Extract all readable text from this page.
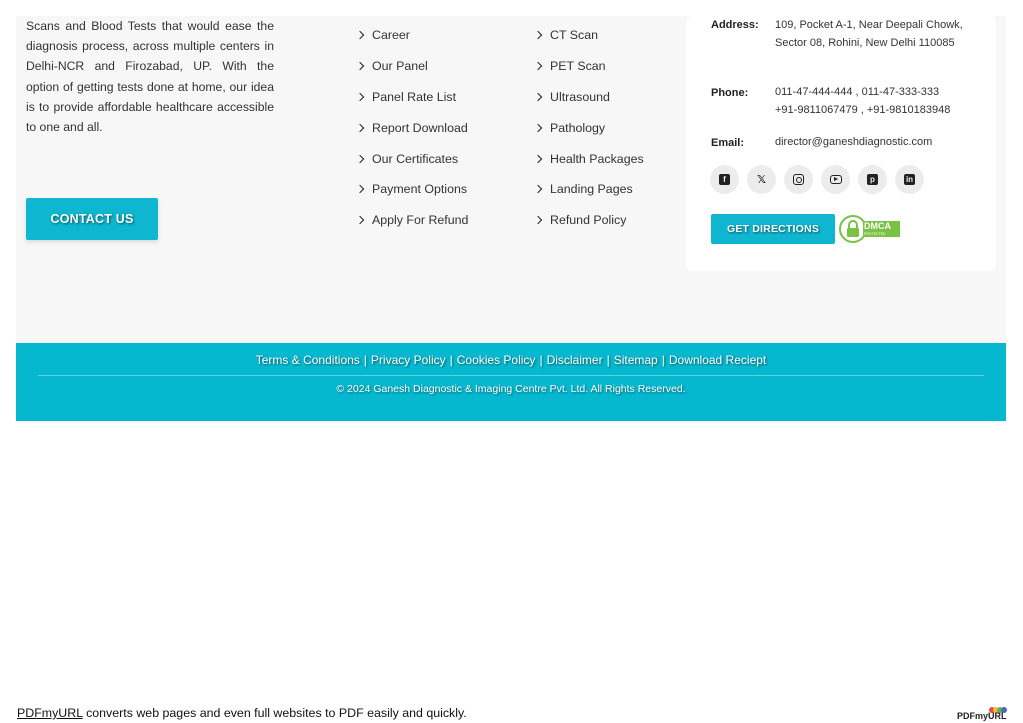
Scans and Blood Tests that would ease the diagnosis process, across multiple centers in Delhi-NCR and Firozabad, UP. With the option of getting tests done at home, our idea is to provide affordable healthcare accessible to one and all.

CONTACT US
Career
Our Panel
Panel Rate List
Report Download
Our Certificates
Payment Options
Apply For Refund
CT Scan
PET Scan
Ultrasound
Pathology
Health Packages
Landing Pages
Refund Policy
Address: 109, Pocket A-1, Near Deepali Chowk, Sector 08, Rohini, New Delhi 110085
Phone: 011-47-444-444 , 011-47-333-333
+91-9811067479 , +91-9810183948
Email:	director@ganeshdiagnostic.com
f	𝕏	p	in
GET DIRECTIONS	DMCA
PROTECTED
Terms & Conditions | Privacy Policy | Cookies Policy | Disclaimer | Sitemap | Download Reciept
© 2024 Ganesh Diagnostic & Imaging Centre Pvt. Ltd. All Rights Reserved.
PDFmyURL converts web pages and even full websites to PDF easily and quickly.	PDFmyURL
